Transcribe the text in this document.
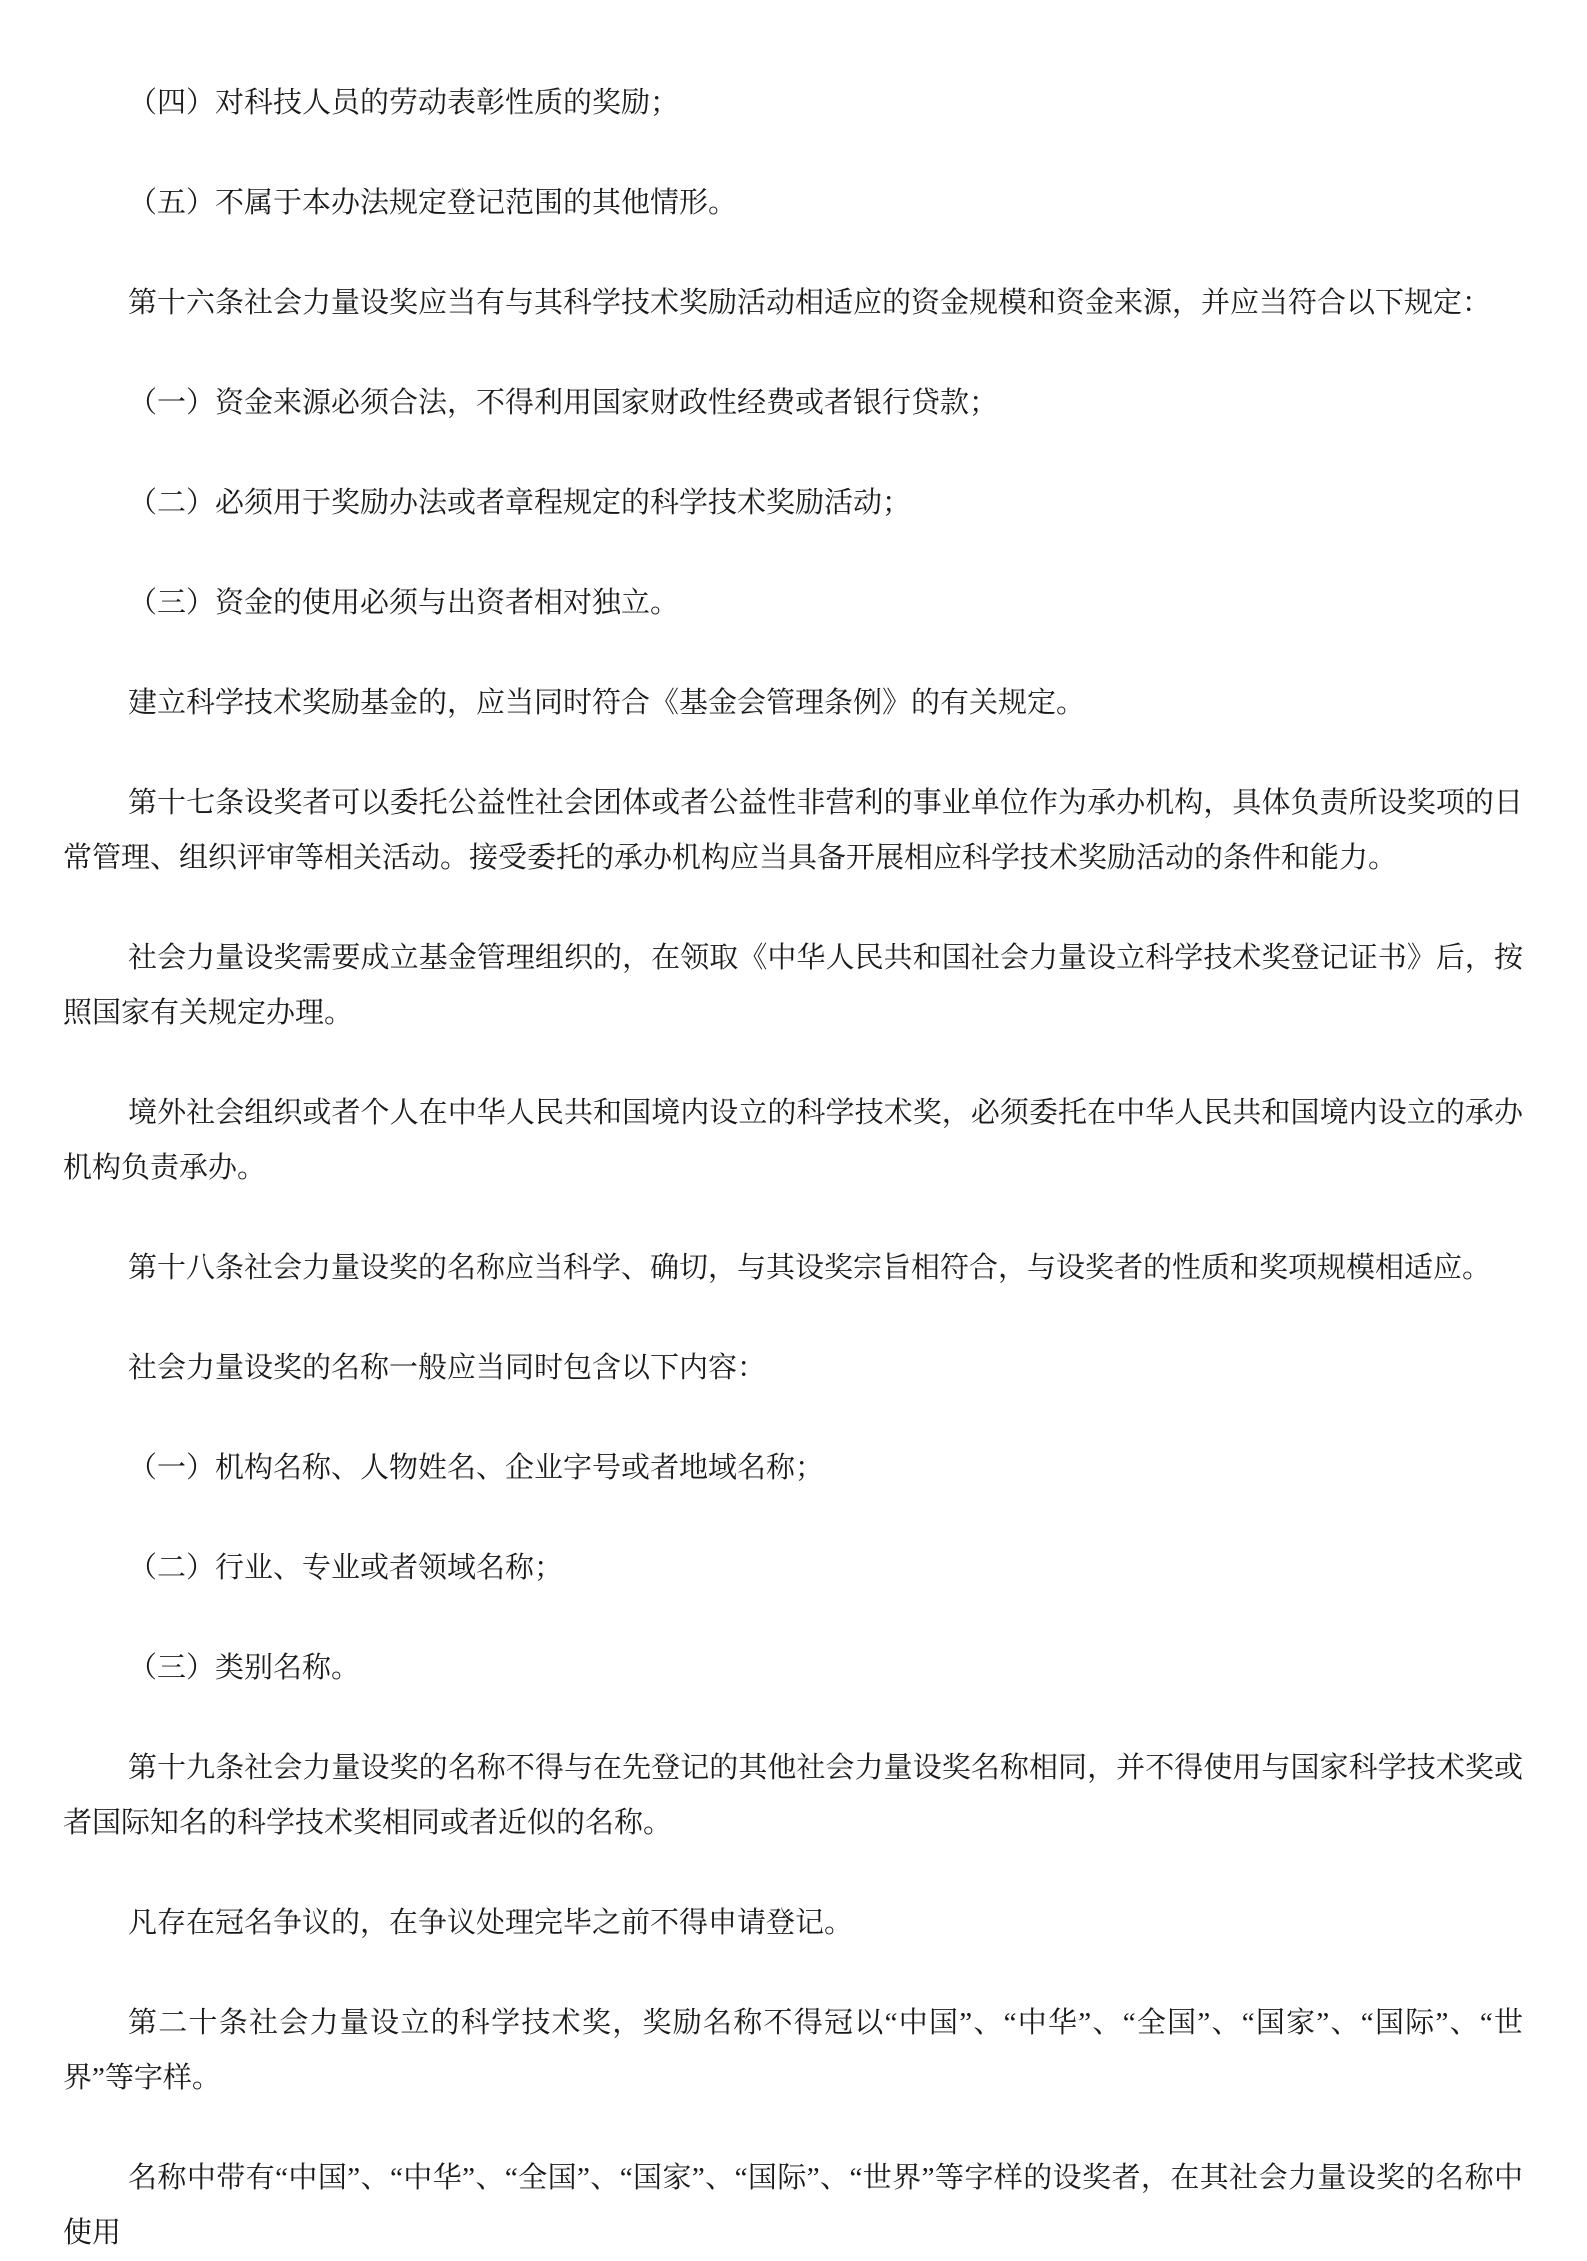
（四）对科技人员的劳动表彰性质的奖励；

（五）不属于本办法规定登记范围的其他情形。

第十六条社会力量设奖应当有与其科学技术奖励活动相适应的资金规模和资金来源，并应当符合以下规定：

（一）资金来源必须合法，不得利用国家财政性经费或者银行贷款；

（二）必须用于奖励办法或者章程规定的科学技术奖励活动；

（三）资金的使用必须与出资者相对独立。

建立科学技术奖励基金的，应当同时符合《基金会管理条例》的有关规定。

第十七条设奖者可以委托公益性社会团体或者公益性非营利的事业单位作为承办机构，具体负责所设奖项的日常管理、组织评审等相关活动。接受委托的承办机构应当具备开展相应科学技术奖励活动的条件和能力。

社会力量设奖需要成立基金管理组织的，在领取《中华人民共和国社会力量设立科学技术奖登记证书》后，按照国家有关规定办理。

境外社会组织或者个人在中华人民共和国境内设立的科学技术奖，必须委托在中华人民共和国境内设立的承办机构负责承办。

第十八条社会力量设奖的名称应当科学、确切，与其设奖宗旨相符合，与设奖者的性质和奖项规模相适应。

社会力量设奖的名称一般应当同时包含以下内容：

（一）机构名称、人物姓名、企业字号或者地域名称；

（二）行业、专业或者领域名称；

（三）类别名称。

第十九条社会力量设奖的名称不得与在先登记的其他社会力量设奖名称相同，并不得使用与国家科学技术奖或者国际知名的科学技术奖相同或者近似的名称。

凡存在冠名争议的，在争议处理完毕之前不得申请登记。

第二十条社会力量设立的科学技术奖，奖励名称不得冠以“中国”、“中华”、“全国”、“国家”、“国际”、“世界”等字样。

名称中带有“中国”、“中华”、“全国”、“国家”、“国际”、“世界”等字样的设奖者，在其社会力量设奖的名称中使用
